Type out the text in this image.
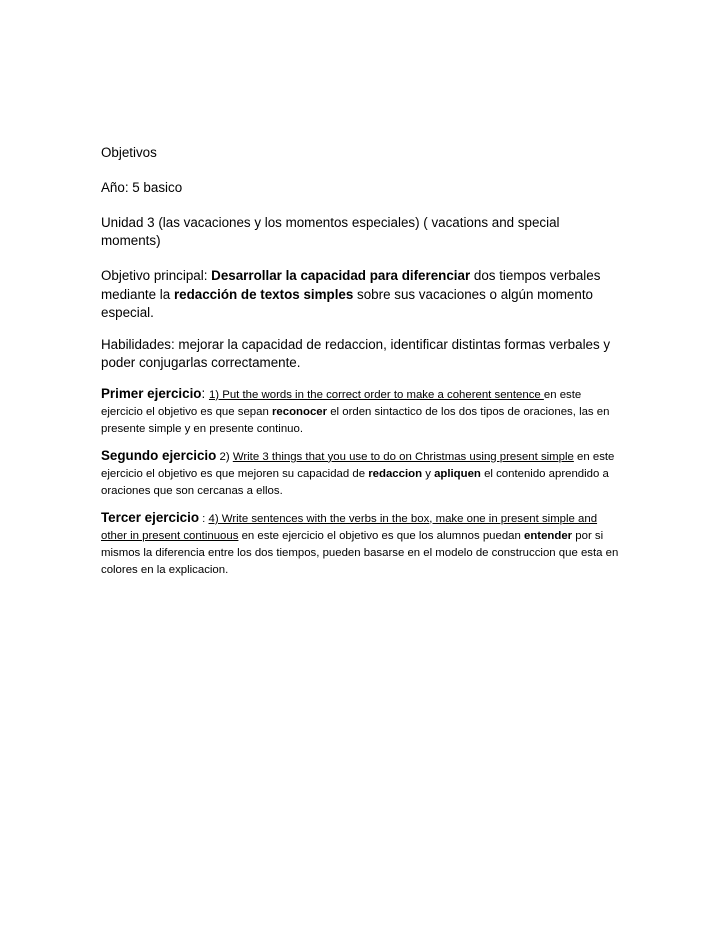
Objetivos

Año: 5 basico

Unidad 3 (las vacaciones y los momentos especiales) ( vacations and special moments)

Objetivo principal: Desarrollar la capacidad para diferenciar dos tiempos verbales mediante la redacción de textos simples sobre sus vacaciones o algún momento especial.

Habilidades: mejorar la capacidad de redaccion, identificar distintas formas verbales y poder conjugarlas correctamente.

Primer ejercicio: 1) Put the words in the correct order to make a coherent sentence en este ejercicio el objetivo es que sepan reconocer el orden sintactico de los dos tipos de oraciones, las en presente simple y en presente continuo.

Segundo ejercicio 2) Write 3 things that you use to do on Christmas using present simple en este ejercicio el objetivo es que mejoren su capacidad de redaccion y apliquen el contenido aprendido a oraciones que son cercanas a ellos.

Tercer ejercicio : 4) Write sentences with the verbs in the box, make one in present simple and other in present continuous en este ejercicio el objetivo es que los alumnos puedan entender por si mismos la diferencia entre los dos tiempos, pueden basarse en el modelo de construccion que esta en colores en la explicacion.
